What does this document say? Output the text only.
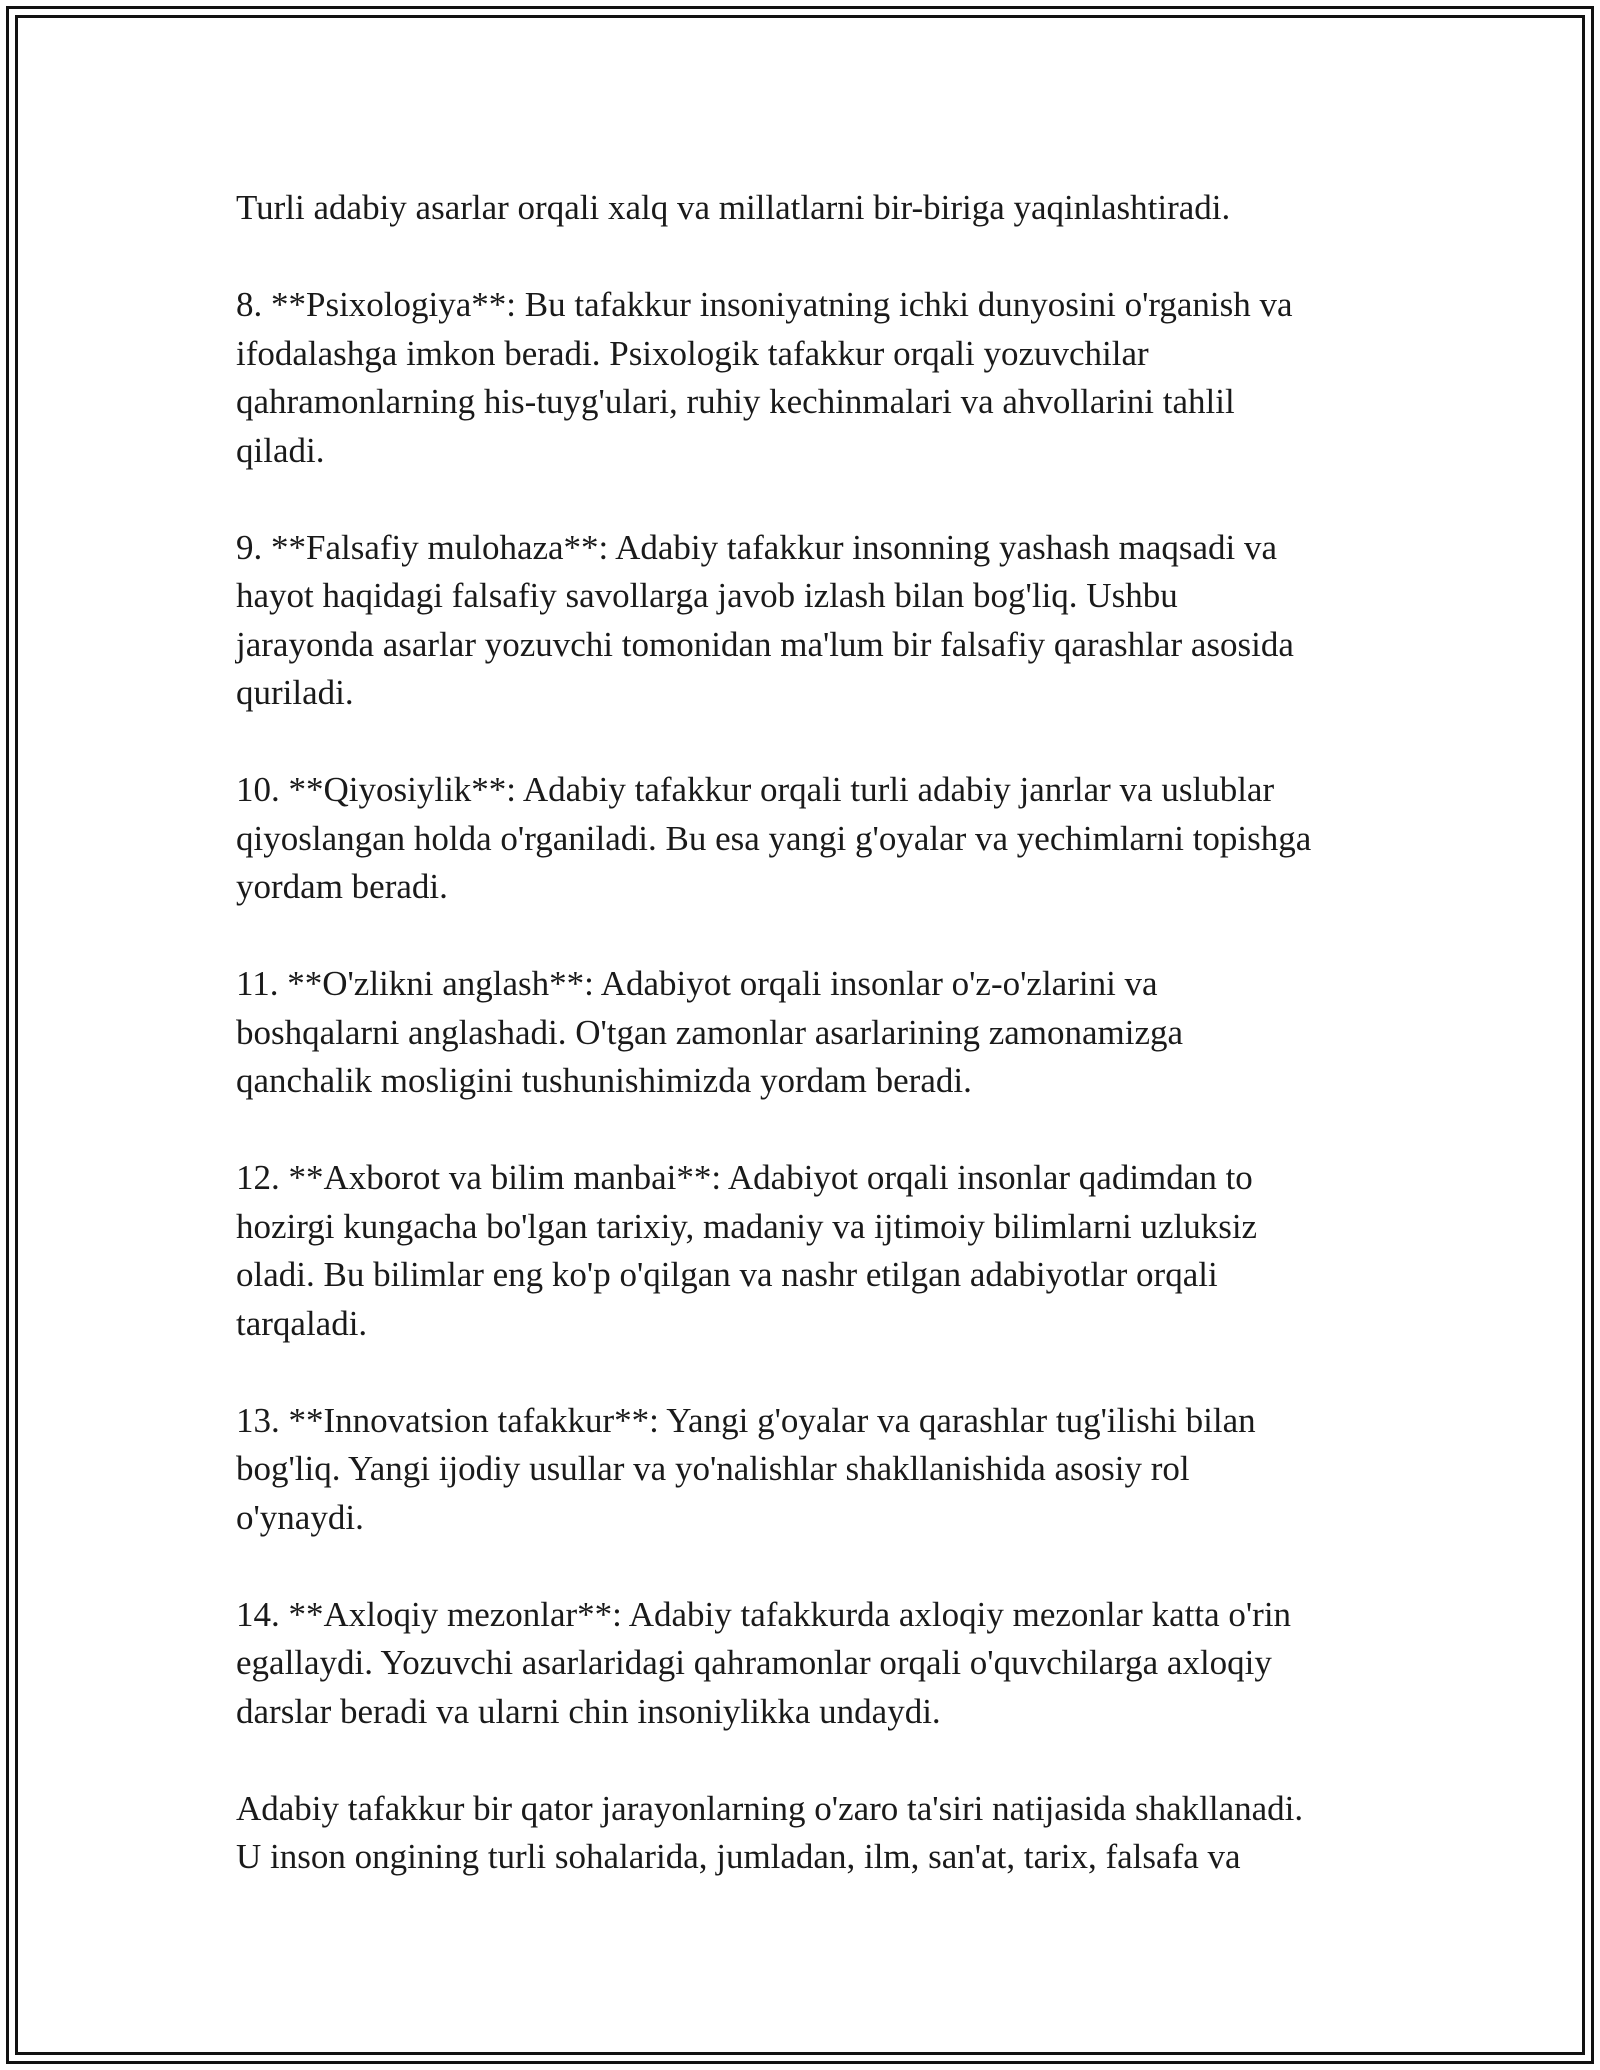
Turli adabiy asarlar orqali xalq va millatlarni bir-biriga yaqinlashtiradi.

8. **Psixologiya**: Bu tafakkur insoniyatning ichki dunyosini o'rganish va
ifodalashga imkon beradi. Psixologik tafakkur orqali yozuvchilar
qahramonlarning his-tuyg'ulari, ruhiy kechinmalari va ahvollarini tahlil
qiladi.

9. **Falsafiy mulohaza**: Adabiy tafakkur insonning yashash maqsadi va
hayot haqidagi falsafiy savollarga javob izlash bilan bog'liq. Ushbu
jarayonda asarlar yozuvchi tomonidan ma'lum bir falsafiy qarashlar asosida
quriladi.

10. **Qiyosiylik**: Adabiy tafakkur orqali turli adabiy janrlar va uslublar
qiyoslangan holda o'rganiladi. Bu esa yangi g'oyalar va yechimlarni topishga
yordam beradi.

11. **O'zlikni anglash**: Adabiyot orqali insonlar o'z-o'zlarini va
boshqalarni anglashadi. O'tgan zamonlar asarlarining zamonamizga
qanchalik mosligini tushunishimizda yordam beradi.

12. **Axborot va bilim manbai**: Adabiyot orqali insonlar qadimdan to
hozirgi kungacha bo'lgan tarixiy, madaniy va ijtimoiy bilimlarni uzluksiz
oladi. Bu bilimlar eng ko'p o'qilgan va nashr etilgan adabiyotlar orqali
tarqaladi.

13. **Innovatsion tafakkur**: Yangi g'oyalar va qarashlar tug'ilishi bilan
bog'liq. Yangi ijodiy usullar va yo'nalishlar shakllanishida asosiy rol
o'ynaydi.

14. **Axloqiy mezonlar**: Adabiy tafakkurda axloqiy mezonlar katta o'rin
egallaydi. Yozuvchi asarlaridagi qahramonlar orqali o'quvchilarga axloqiy
darslar beradi va ularni chin insoniylikka undaydi.

Adabiy tafakkur bir qator jarayonlarning o'zaro ta'siri natijasida shakllanadi.
U inson ongining turli sohalarida, jumladan, ilm, san'at, tarix, falsafa va
